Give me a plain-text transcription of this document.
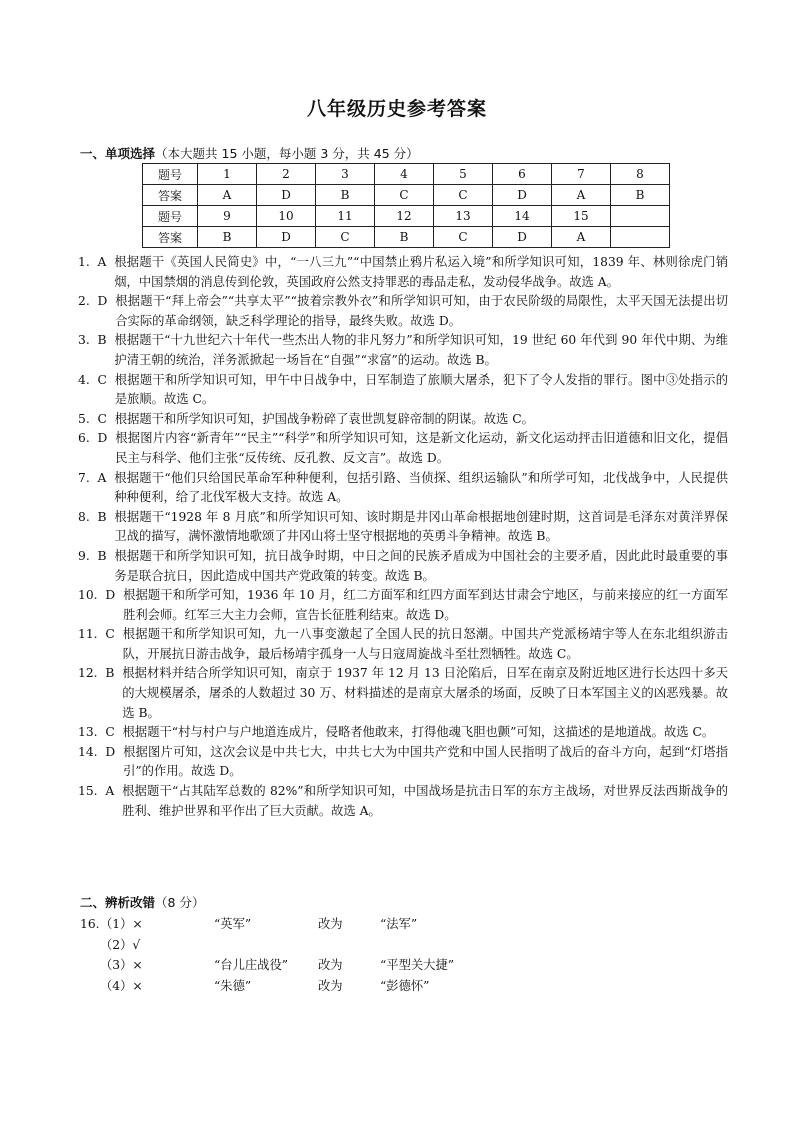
八年级历史参考答案
一、单项选择（本大题共 15 小题，每小题 3 分，共 45 分）
题号	1	2	3	4	5	6	7	8
答案	A	D	B	C	C	D	A	B
题号	9	10	11	12	13	14	15	
答案	B	D	C	B	C	D	A	
1.  A 根据题干《英国人民简史》中，“一八三九”“中国禁止鸦片私运入境”和所学知识可知，1839 年、林则徐虎门销烟，中国禁烟的消息传到伦敦，英国政府公然支持罪恶的毒品走私，发动侵华战争。故选 A。
2.  D 根据题干“拜上帝会”“共享太平”“披着宗教外衣”和所学知识可知，由于农民阶级的局限性，太平天国无法提出切合实际的革命纲领，缺乏科学理论的指导，最终失败。故选 D。
3.  B 根据题干“十九世纪六十年代一些杰出人物的非凡努力”和所学知识可知，19 世纪 60 年代到 90 年代中期、为维护清王朝的统治，洋务派掀起一场旨在“自强”“求富”的运动。故选 B。
4.  C 根据题干和所学知识可知，甲午中日战争中，日军制造了旅顺大屠杀，犯下了令人发指的罪行。图中③处指示的是旅顺。故选 C。
5.  C 根据题干和所学知识可知，护国战争粉碎了袁世凯复辟帝制的阴谋。故选 C。
6.  D 根据图片内容“新青年”“民主”“科学”和所学知识可知，这是新文化运动，新文化运动抨击旧道德和旧文化，提倡民主与科学、他们主张“反传统、反孔教、反文言”。故选 D。
7.  A 根据题干“他们只给国民革命军种种便利，包括引路、当侦探、组织运输队”和所学可知，北伐战争中，人民提供种种便利，给了北伐军极大支持。故选 A。
8.  B 根据题干“1928 年 8 月底”和所学知识可知、该时期是井冈山革命根据地创建时期，这首词是毛泽东对黄洋界保卫战的描写，满怀激情地歌颂了井冈山将士坚守根据地的英勇斗争精神。故选 B。
9.  B 根据题干和所学知识可知，抗日战争时期，中日之间的民族矛盾成为中国社会的主要矛盾，因此此时最重要的事务是联合抗日，因此造成中国共产党政策的转变。故选 B。
10.  D 根据题干和所学可知，1936 年 10 月，红二方面军和红四方面军到达甘肃会宁地区，与前来接应的红一方面军胜利会师。红军三大主力会师，宣告长征胜利结束。故选 D。
11.  C 根据题干和所学知识可知，九一八事变激起了全国人民的抗日怒潮。中国共产党派杨靖宇等人在东北组织游击队，开展抗日游击战争，最后杨靖宇孤身一人与日寇周旋战斗至壮烈牺牲。故选 C。
12.  B 根据材料并结合所学知识可知，南京于 1937 年 12 月 13 日沦陷后，日军在南京及附近地区进行长达四十多天的大规模屠杀，屠杀的人数超过 30 万、材料描述的是南京大屠杀的场面，反映了日本军国主义的凶恶残暴。故选 B。
13.  C 根据题干“村与村户与户地道连成片，侵略者他敢来，打得他魂飞胆也颤”可知，这描述的是地道战。故选 C。
14.  D 根据图片可知，这次会议是中共七大，中共七大为中国共产党和中国人民指明了战后的奋斗方向，起到“灯塔指引”的作用。故选 D。
15.  A 根据题干“占其陆军总数的 82%”和所学知识可知，中国战场是抗击日军的东方主战场，对世界反法西斯战争的胜利、维护世界和平作出了巨大贡献。故选 A。
二、辨析改错（8 分）
16. （1）×	“英军”	改为	“法军”
（2）√
（3）×	“台儿庄战役” 改为	“平型关大捷”
（4）×	“朱德”	改为	“彭德怀”
